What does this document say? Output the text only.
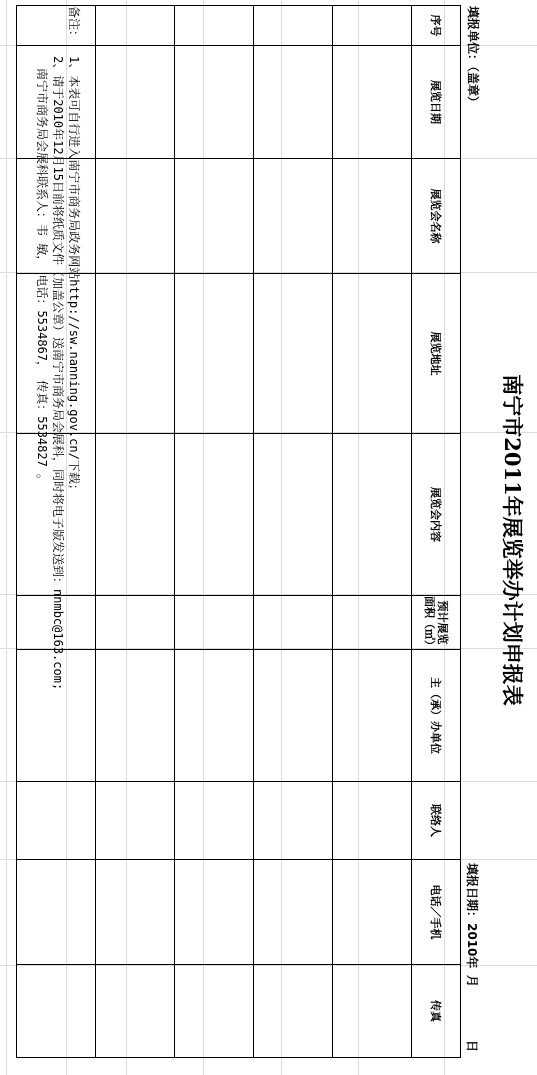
南宁市2011年展览举办计划申报表
填报单位：（盖章）
填报日期：2010年
月
日
序号	展览日期	展览会名称	展览地址	展览会内容	预计展览面积（㎡）	主（承）办单位	联络人	电话／手机	传真

备注：1、本表可自行进入南宁市商务局政务网站http://sw.nanning.gov.cn/下载；
2、请于2010年12月15日前将纸质文件（加盖公章）送南宁市商务局会展科，同时将电子版发送到：nnmbc@163.com;
南宁市商务局会展科联系人：韦 敏， 电话：5534867， 传真：5534827 。
